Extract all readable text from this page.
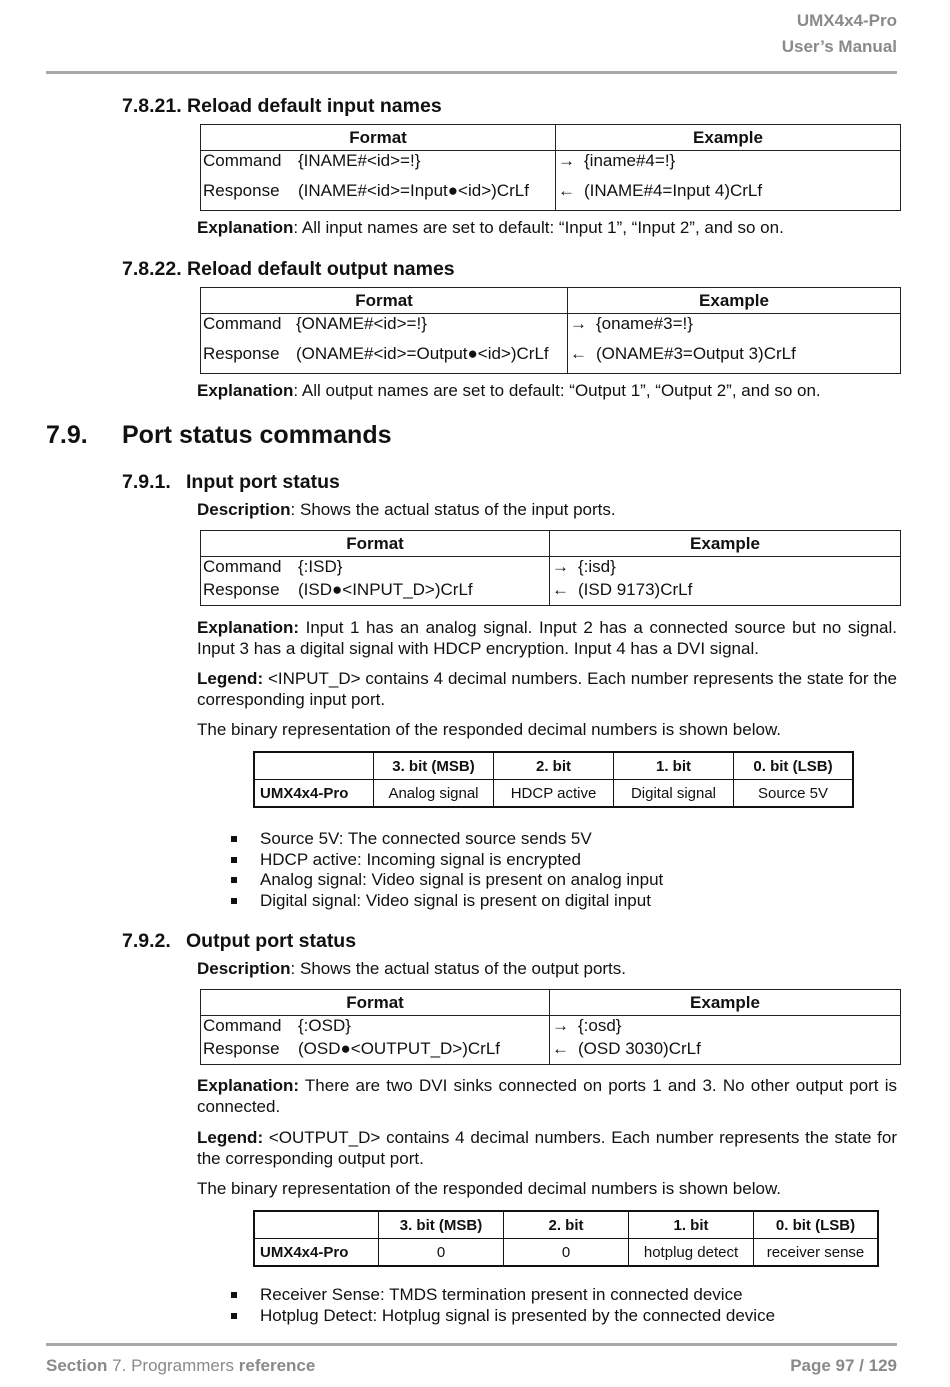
UMX4x4-Pro
User’s Manual
7.8.21. Reload default input names
Format	Example
Command {INAME#<id>=!}	→ {iname#4=!}
Response (INAME#<id>=Input●<id>)CrLf	← (INAME#4=Input 4)CrLf
Explanation: All input names are set to default: “Input 1”, “Input 2”, and so on.
7.8.22. Reload default output names
Format	Example
Command {ONAME#<id>=!}	→ {oname#3=!}
Response (ONAME#<id>=Output●<id>)CrLf	← (ONAME#3=Output 3)CrLf
Explanation: All output names are set to default: “Output 1”, “Output 2”, and so on.
7.9. Port status commands
7.9.1. Input port status
Description: Shows the actual status of the input ports.
Format	Example
Command {:ISD}	→ {:isd}
Response (ISD●<INPUT_D>)CrLf	← (ISD 9173)CrLf
Explanation: Input 1 has an analog signal. Input 2 has a connected source but no signal. Input 3 has a digital signal with HDCP encryption. Input 4 has a DVI signal.
Legend: <INPUT_D> contains 4 decimal numbers. Each number represents the state for the corresponding input port.
The binary representation of the responded decimal numbers is shown below.
	3. bit (MSB)	2. bit	1. bit	0. bit (LSB)
UMX4x4-Pro	Analog signal	HDCP active	Digital signal	Source 5V
Source 5V: The connected source sends 5V
HDCP active: Incoming signal is encrypted
Analog signal: Video signal is present on analog input
Digital signal: Video signal is present on digital input
7.9.2. Output port status
Description: Shows the actual status of the output ports.
Format	Example
Command {:OSD}	→ {:osd}
Response (OSD●<OUTPUT_D>)CrLf	← (OSD 3030)CrLf
Explanation: There are two DVI sinks connected on ports 1 and 3. No other output port is connected.
Legend: <OUTPUT_D> contains 4 decimal numbers. Each number represents the state for the corresponding output port.
The binary representation of the responded decimal numbers is shown below.
	3. bit (MSB)	2. bit	1. bit	0. bit (LSB)
UMX4x4-Pro	0	0	hotplug detect	receiver sense
Receiver Sense: TMDS termination present in connected device
Hotplug Detect: Hotplug signal is presented by the connected device
Section 7. Programmers reference	Page 97 / 129
